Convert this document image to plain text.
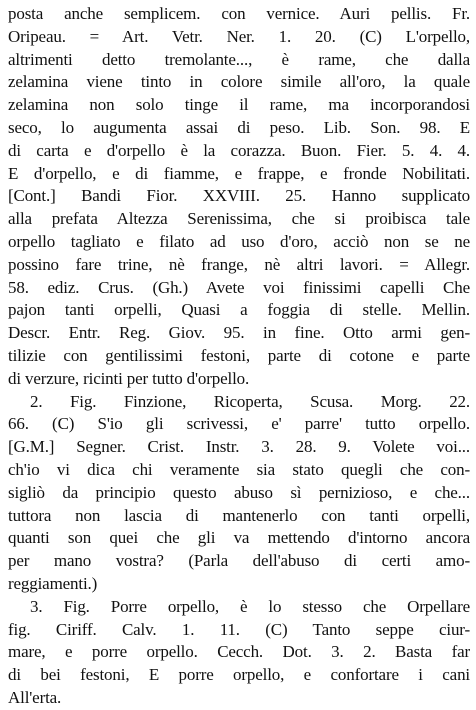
posta anche semplicem. con vernice. Auri pellis. Fr.
Oripeau. = Art. Vetr. Ner. 1. 20. (C) L'orpello,
altrimenti detto tremolante..., è rame, che dalla
zelamina viene tinto in colore simile all'oro, la quale
zelamina non solo tinge il rame, ma incorporandosi
seco, lo augumenta assai di peso. Lib. Son. 98. E
di carta e d'orpello è la corazza. Buon. Fier. 5. 4. 4.
E d'orpello, e di fiamme, e frappe, e fronde Nobilitati.
[Cont.] Bandi Fior. XXVIII. 25. Hanno supplicato
alla prefata Altezza Serenissima, che si proibisca tale
orpello tagliato e filato ad uso d'oro, acciò non se ne
possino fare trine, nè frange, nè altri lavori. = Allegr.
58. ediz. Crus. (Gh.) Avete voi finissimi capelli Che
pajon tanti orpelli, Quasi a foggia di stelle. Mellin.
Descr. Entr. Reg. Giov. 95. in fine. Otto armi gen-
tilizie con gentilissimi festoni, parte di cotone e parte
di verzure, ricinti per tutto d'orpello.
2. Fig. Finzione, Ricoperta, Scusa. Morg. 22.
66. (C) S'io gli scrivessi, e' parre' tutto orpello.
[G.M.] Segner. Crist. Instr. 3. 28. 9. Volete voi...
ch'io vi dica chi veramente sia stato quegli che con-
sigliò da principio questo abuso sì pernizioso, e che...
tuttora non lascia di mantenerlo con tanti orpelli,
quanti son quei che gli va mettendo d'intorno ancora
per mano vostra? (Parla dell'abuso di certi amo-
reggiamenti.)
3. Fig. Porre orpello, è lo stesso che Orpellare
fig. Ciriff. Calv. 1. 11. (C) Tanto seppe ciur-
mare, e porre orpello. Cecch. Dot. 3. 2. Basta far
di bei festoni, E porre orpello, e confortare i cani
All'erta.
